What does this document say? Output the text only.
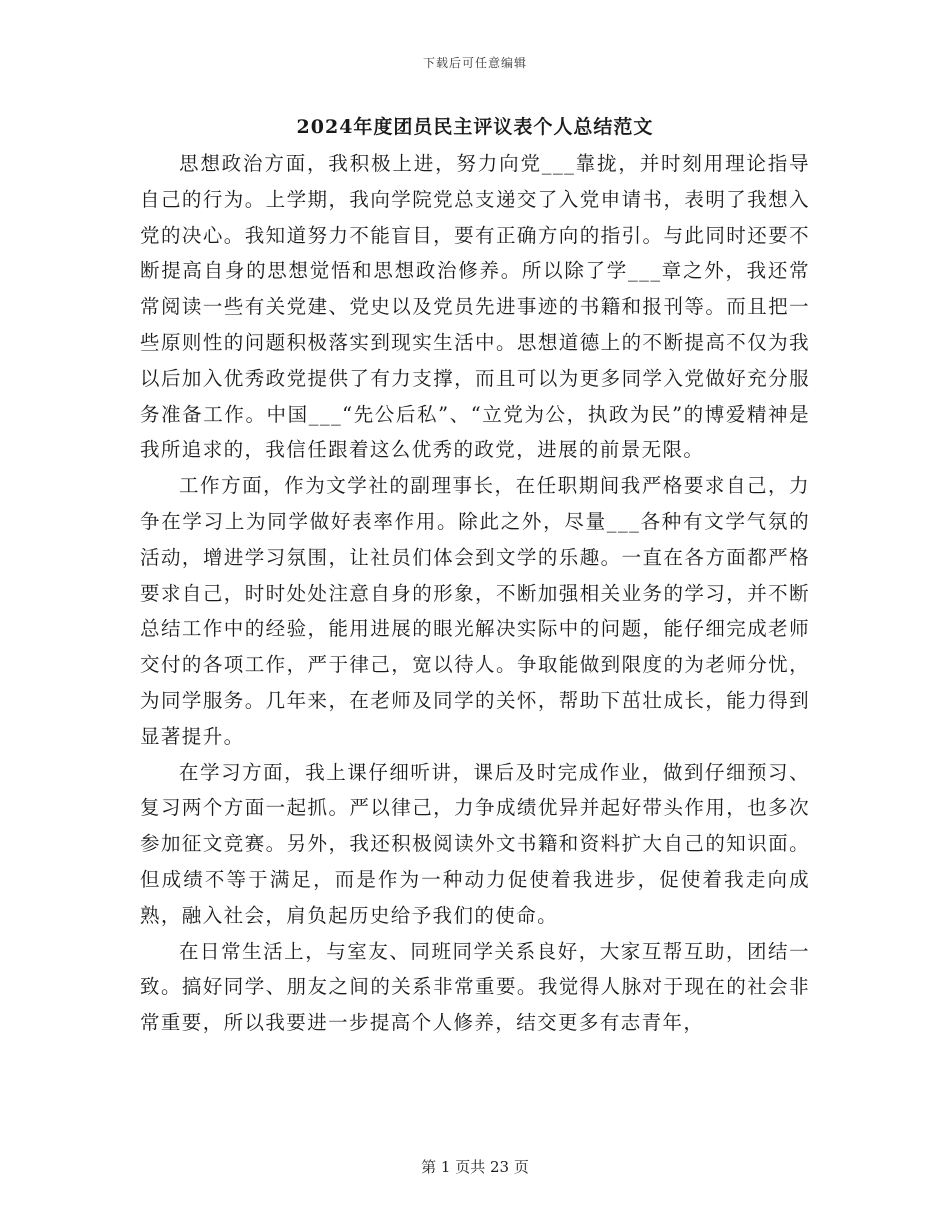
下载后可任意编辑
2024年度团员民主评议表个人总结范文

思想政治方面，我积极上进，努力向党___靠拢，并时刻用理论指导自己的行为。上学期，我向学院党总支递交了入党申请书，表明了我想入党的决心。我知道努力不能盲目，要有正确方向的指引。与此同时还要不断提高自身的思想觉悟和思想政治修养。所以除了学___章之外，我还常常阅读一些有关党建、党史以及党员先进事迹的书籍和报刊等。而且把一些原则性的问题积极落实到现实生活中。思想道德上的不断提高不仅为我以后加入优秀政党提供了有力支撑，而且可以为更多同学入党做好充分服务准备工作。中国___“先公后私”、“立党为公，执政为民”的博爱精神是我所追求的，我信任跟着这么优秀的政党，进展的前景无限。

工作方面，作为文学社的副理事长，在任职期间我严格要求自己，力争在学习上为同学做好表率作用。除此之外，尽量___各种有文学气氛的活动，增进学习氛围，让社员们体会到文学的乐趣。一直在各方面都严格要求自己，时时处处注意自身的形象，不断加强相关业务的学习，并不断总结工作中的经验，能用进展的眼光解决实际中的问题，能仔细完成老师交付的各项工作，严于律己，宽以待人。争取能做到限度的为老师分忧，为同学服务。几年来，在老师及同学的关怀，帮助下茁壮成长，能力得到显著提升。

在学习方面，我上课仔细听讲，课后及时完成作业，做到仔细预习、复习两个方面一起抓。严以律己，力争成绩优异并起好带头作用，也多次参加征文竞赛。另外，我还积极阅读外文书籍和资料扩大自己的知识面。但成绩不等于满足，而是作为一种动力促使着我进步，促使着我走向成熟，融入社会，肩负起历史给予我们的使命。

在日常生活上，与室友、同班同学关系良好，大家互帮互助，团结一致。搞好同学、朋友之间的关系非常重要。我觉得人脉对于现在的社会非常重要，所以我要进一步提高个人修养，结交更多有志青年，

第 1 页共 23 页
